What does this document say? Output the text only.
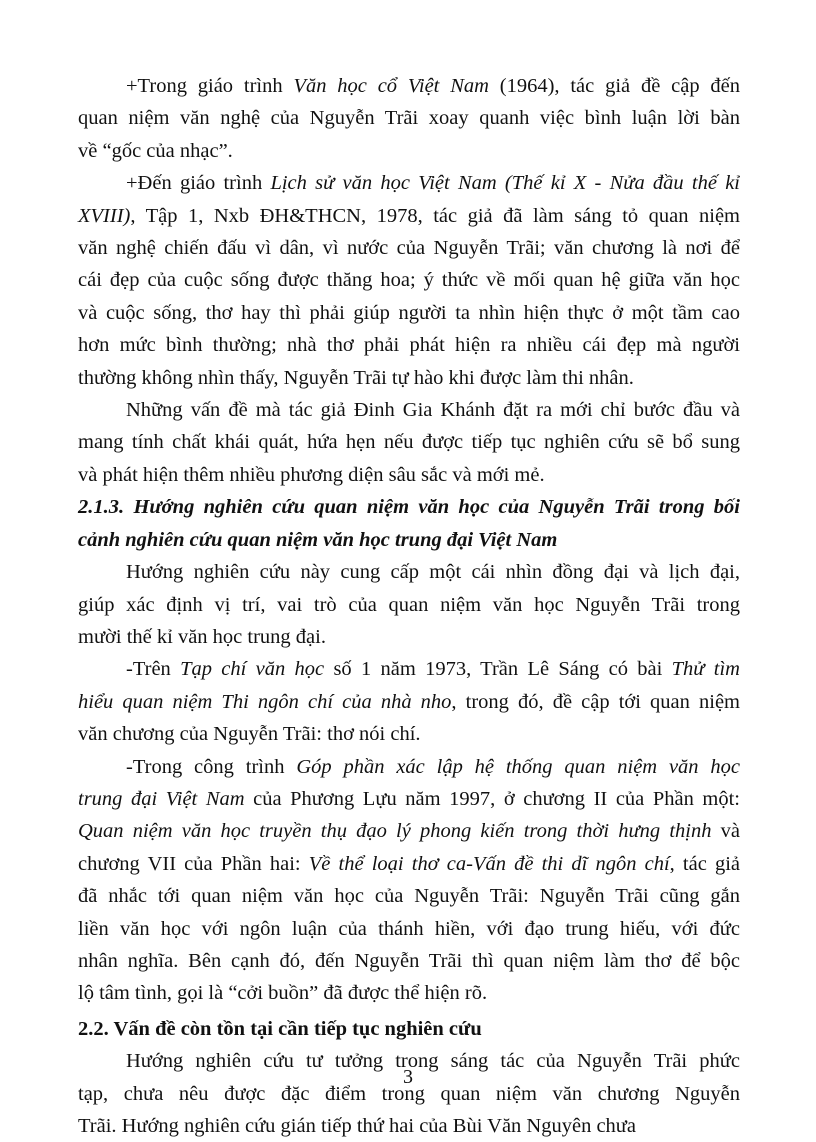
+Trong giáo trình Văn học cổ Việt Nam (1964), tác giả đề cập đến
quan niệm văn nghệ của Nguyễn Trãi xoay quanh việc bình luận lời bàn
về “gốc của nhạc”.
+Đến giáo trình Lịch sử văn học Việt Nam (Thế kỉ X - Nửa đầu thế kỉ
XVIII), Tập 1, Nxb ĐH&THCN, 1978, tác giả đã làm sáng tỏ quan niệm
văn nghệ chiến đấu vì dân, vì nước của Nguyễn Trãi; văn chương là nơi để
cái đẹp của cuộc sống được thăng hoa; ý thức về mối quan hệ giữa văn học
và cuộc sống, thơ hay thì phải giúp người ta nhìn hiện thực ở một tầm cao
hơn mức bình thường; nhà thơ phải phát hiện ra nhiều cái đẹp mà người
thường không nhìn thấy, Nguyễn Trãi tự hào khi được làm thi nhân.
Những vấn đề mà tác giả Đinh Gia Khánh đặt ra mới chỉ bước đầu và
mang tính chất khái quát, hứa hẹn nếu được tiếp tục nghiên cứu sẽ bổ sung
và phát hiện thêm nhiều phương diện sâu sắc và mới mẻ.
2.1.3. Hướng nghiên cứu quan niệm văn học của Nguyễn Trãi trong bối
cảnh nghiên cứu quan niệm văn học trung đại Việt Nam
Hướng nghiên cứu này cung cấp một cái nhìn đồng đại và lịch đại,
giúp xác định vị trí, vai trò của quan niệm văn học Nguyễn Trãi trong
mười thế kỉ văn học trung đại.
-Trên Tạp chí văn học số 1 năm 1973, Trần Lê Sáng có bài Thử tìm
hiểu quan niệm Thi ngôn chí của nhà nho, trong đó, đề cập tới quan niệm
văn chương của Nguyễn Trãi: thơ nói chí.
-Trong công trình Góp phần xác lập hệ thống quan niệm văn học
trung đại Việt Nam của Phương Lựu năm 1997, ở chương II của Phần một:
Quan niệm văn học truyền thụ đạo lý phong kiến trong thời hưng thịnh và
chương VII của Phần hai: Về thể loại thơ ca-Vấn đề thi dĩ ngôn chí, tác giả
đã nhắc tới quan niệm văn học của Nguyễn Trãi: Nguyễn Trãi cũng gắn
liền văn học với ngôn luận của thánh hiền, với đạo trung hiếu, với đức
nhân nghĩa. Bên cạnh đó, đến Nguyễn Trãi thì quan niệm làm thơ để bộc
lộ tâm tình, gọi là “cởi buồn” đã được thể hiện rõ.
2.2. Vấn đề còn tồn tại cần tiếp tục nghiên cứu
Hướng nghiên cứu tư tưởng trong sáng tác của Nguyễn Trãi phức
tạp, chưa nêu được đặc điểm trong quan niệm văn chương Nguyễn
Trãi. Hướng nghiên cứu gián tiếp thứ hai của Bùi Văn Nguyên chưa
3
